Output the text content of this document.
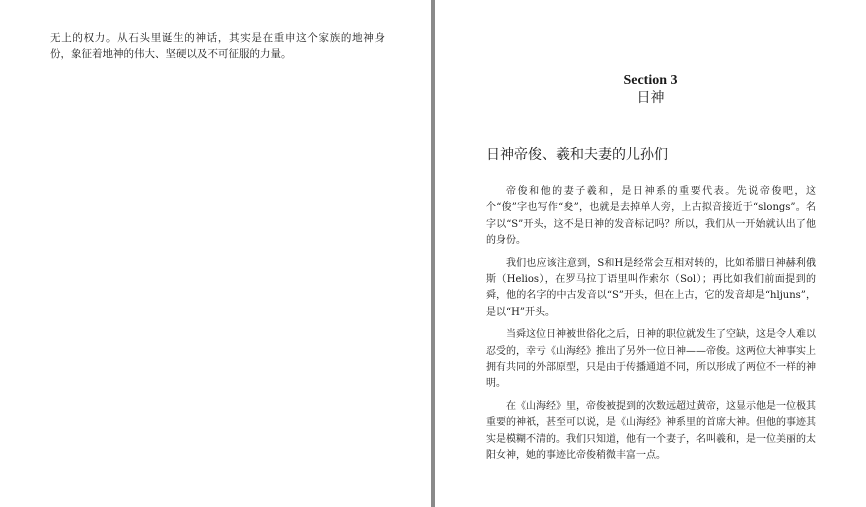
无上的权力。从石头里诞生的神话，其实是在重申这个家族的地神身份，象征着地神的伟大、坚硬以及不可征服的力量。

Section 3

日神

日神帝俊、羲和夫妻的儿孙们

帝俊和他的妻子羲和，是日神系的重要代表。先说帝俊吧，这个“俊”字也写作“夋”，也就是去掉单人旁，上古拟音接近于“slongs”。名字以“S”开头，这不是日神的发音标记吗？所以，我们从一开始就认出了他的身份。

我们也应该注意到，S和H是经常会互相对转的，比如希腊日神赫利俄斯（Helios），在罗马拉丁语里叫作索尔（Sol）；再比如我们前面提到的舜，他的名字的中古发音以“S”开头，但在上古，它的发音却是“hljuns”，是以“H”开头。

当舜这位日神被世俗化之后，日神的职位就发生了空缺，这是令人难以忍受的，幸亏《山海经》推出了另外一位日神——帝俊。这两位大神事实上拥有共同的外部原型，只是由于传播通道不同，所以形成了两位不一样的神明。

在《山海经》里，帝俊被提到的次数远超过黄帝，这显示他是一位极其重要的神祇，甚至可以说，是《山海经》神系里的首席大神。但他的事迹其实是模糊不清的。我们只知道，他有一个妻子，名叫羲和，是一位美丽的太阳女神，她的事迹比帝俊稍微丰富一点。
